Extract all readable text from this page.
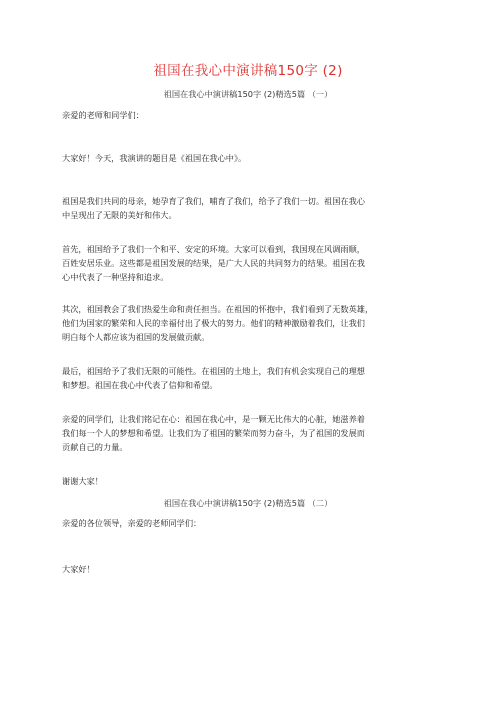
祖国在我心中演讲稿150字 (2)
祖国在我心中演讲稿150字 (2)精选5篇 （一）
亲爱的老师和同学们：
大家好！今天，我演讲的题目是《祖国在我心中》。
祖国是我们共同的母亲，她孕育了我们，哺育了我们，给予了我们一切。祖国在我心
中呈现出了无限的美好和伟大。
首先，祖国给予了我们一个和平、安定的环境。大家可以看到，我国现在风调雨顺，
百姓安居乐业。这些都是祖国发展的结果，是广大人民的共同努力的结果。祖国在我
心中代表了一种坚持和追求。
其次，祖国教会了我们热爱生命和责任担当。在祖国的怀抱中，我们看到了无数英雄，
他们为国家的繁荣和人民的幸福付出了极大的努力。他们的精神激励着我们，让我们
明白每个人都应该为祖国的发展做贡献。
最后，祖国给予了我们无限的可能性。在祖国的土地上，我们有机会实现自己的理想
和梦想。祖国在我心中代表了信仰和希望。
亲爱的同学们，让我们铭记在心：祖国在我心中，是一颗无比伟大的心脏，她滋养着
我们每一个人的梦想和希望。让我们为了祖国的繁荣而努力奋斗，为了祖国的发展而
贡献自己的力量。
谢谢大家！
祖国在我心中演讲稿150字 (2)精选5篇 （二）
亲爱的各位领导，亲爱的老师同学们：
大家好！
